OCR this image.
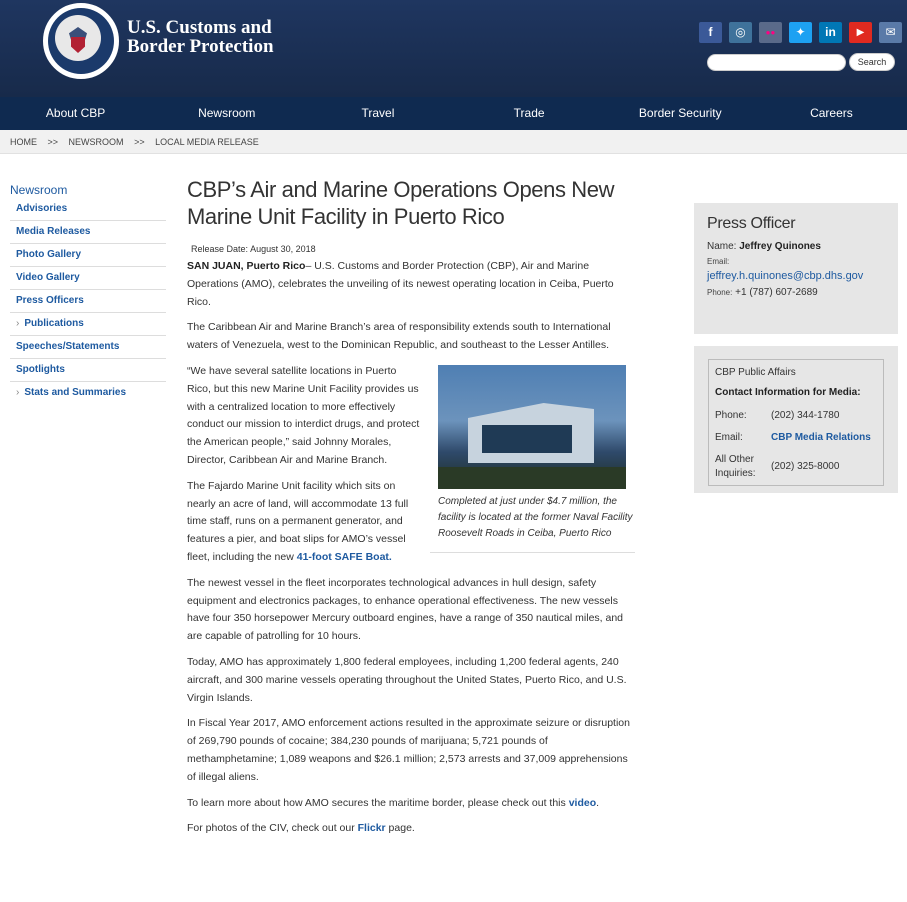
U.S. Customs and
Border Protection
f	◎	●●	✦	in	▶	✉
Search
About CBP	Newsroom	Travel	Trade	Border Security	Careers
HOME >> NEWSROOM >> LOCAL MEDIA RELEASE
Newsroom
Advisories
Media Releases
Photo Gallery
Video Gallery
Press Officers
› Publications
Speeches/Statements
Spotlights
› Stats and Summaries
CBP’s Air and Marine Operations Opens New Marine Unit Facility in Puerto Rico
Release Date: August 30, 2018

SAN JUAN, Puerto Rico– U.S. Customs and Border Protection (CBP), Air and Marine Operations (AMO), celebrates the unveiling of its newest operating location in Ceiba, Puerto Rico.

The Caribbean Air and Marine Branch’s area of responsibility extends south to International waters of Venezuela, west to the Dominican Republic, and southeast to the Lesser Antilles.

Completed at just under $4.7 million, the facility is located at the former Naval Facility Roosevelt Roads in Ceiba, Puerto Rico

“We have several satellite locations in Puerto Rico, but this new Marine Unit Facility provides us with a centralized location to more effectively conduct our mission to interdict drugs, and protect the American people,” said Johnny Morales, Director, Caribbean Air and Marine Branch.

The Fajardo Marine Unit facility which sits on nearly an acre of land, will accommodate 13 full time staff, runs on a permanent generator, and features a pier, and boat slips for AMO’s vessel fleet, including the new 41-foot SAFE Boat.

The newest vessel in the fleet incorporates technological advances in hull design, safety equipment and electronics packages, to enhance operational effectiveness. The new vessels have four 350 horsepower Mercury outboard engines, have a range of 350 nautical miles, and are capable of patrolling for 10 hours.

Today, AMO has approximately 1,800 federal employees, including 1,200 federal agents, 240 aircraft, and 300 marine vessels operating throughout the United States, Puerto Rico, and U.S. Virgin Islands.

In Fiscal Year 2017, AMO enforcement actions resulted in the approximate seizure or disruption of 269,790 pounds of cocaine; 384,230 pounds of marijuana; 5,721 pounds of methamphetamine; 1,089 weapons and $26.1 million; 2,573 arrests and 37,009 apprehensions of illegal aliens.

To learn more about how AMO secures the maritime border, please check out this video.

For photos of the CIV, check out our Flickr page.

Press Officer
Name: Jeffrey Quinones
Email:
jeffrey.h.quinones@cbp.dhs.gov
Phone: +1 (787) 607-2689
CBP Public Affairs
Contact Information for Media:
Phone:	(202) 344-1780
Email:	CBP Media Relations
All Other Inquiries:
(202) 325-8000
